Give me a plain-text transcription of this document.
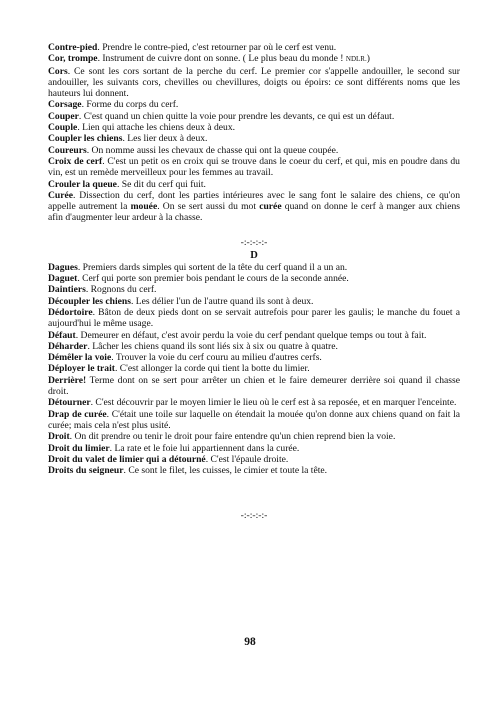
Contre-pied. Prendre le contre-pied, c'est retourner par où le cerf est venu.

Cor, trompe. Instrument de cuivre dont on sonne. ( Le plus beau du monde ! NDLR.)

Cors. Ce sont les cors sortant de la perche du cerf. Le premier cor s'appelle andouiller, le second sur andouiller, les suivants cors, chevilles ou chevillures, doigts ou époirs: ce sont différents noms que les hauteurs lui donnent.

Corsage. Forme du corps du cerf.

Couper. C'est quand un chien quitte la voie pour prendre les devants, ce qui est un défaut.

Couple. Lien qui attache les chiens deux à deux.

Coupler les chiens. Les lier deux à deux.

Coureurs. On nomme aussi les chevaux de chasse qui ont la queue coupée.

Croix de cerf. C'est un petit os en croix qui se trouve dans le coeur du cerf, et qui, mis en poudre dans du vin, est un remède merveilleux pour les femmes au travail.

Crouler la queue. Se dit du cerf qui fuit.

Curée. Dissection du cerf, dont les parties intérieures avec le sang font le salaire des chiens, ce qu'on appelle autrement la mouée. On se sert aussi du mot curée quand on donne le cerf à manger aux chiens afin d'augmenter leur ardeur à la chasse.

-:-:-:-:-
D

Dagues. Premiers dards simples qui sortent de la tête du cerf quand il a un an.

Daguet. Cerf qui porte son premier bois pendant le cours de la seconde année.

Daintiers. Rognons du cerf.

Découpler les chiens. Les délier l'un de l'autre quand ils sont à deux.

Dédortoire. Bâton de deux pieds dont on se servait autrefois pour parer les gaulis; le manche du fouet a aujourd'hui le même usage.

Défaut. Demeurer en défaut, c'est avoir perdu la voie du cerf pendant quelque temps ou tout à fait.

Déharder. Lâcher les chiens quand ils sont liés six à six ou quatre à quatre.

Démêler la voie. Trouver la voie du cerf couru au milieu d'autres cerfs.

Déployer le trait. C'est allonger la corde qui tient la botte du limier.

Derrière! Terme dont on se sert pour arrêter un chien et le faire demeurer derrière soi quand il chasse droit.

Détourner. C'est découvrir par le moyen limier le lieu où le cerf est à sa reposée, et en marquer l'enceinte.

Drap de curée. C'était une toile sur laquelle on étendait la mouée qu'on donne aux chiens quand on fait la curée; mais cela n'est plus usité.

Droit. On dit prendre ou tenir le droit pour faire entendre qu'un chien reprend bien la voie.

Droit du limier. La rate et le foie lui appartiennent dans la curée.

Droit du valet de limier qui a détourné. C'est l'épaule droite.

Droits du seigneur. Ce sont le filet, les cuisses, le cimier et toute la tête.

-:-:-:-:-
98
